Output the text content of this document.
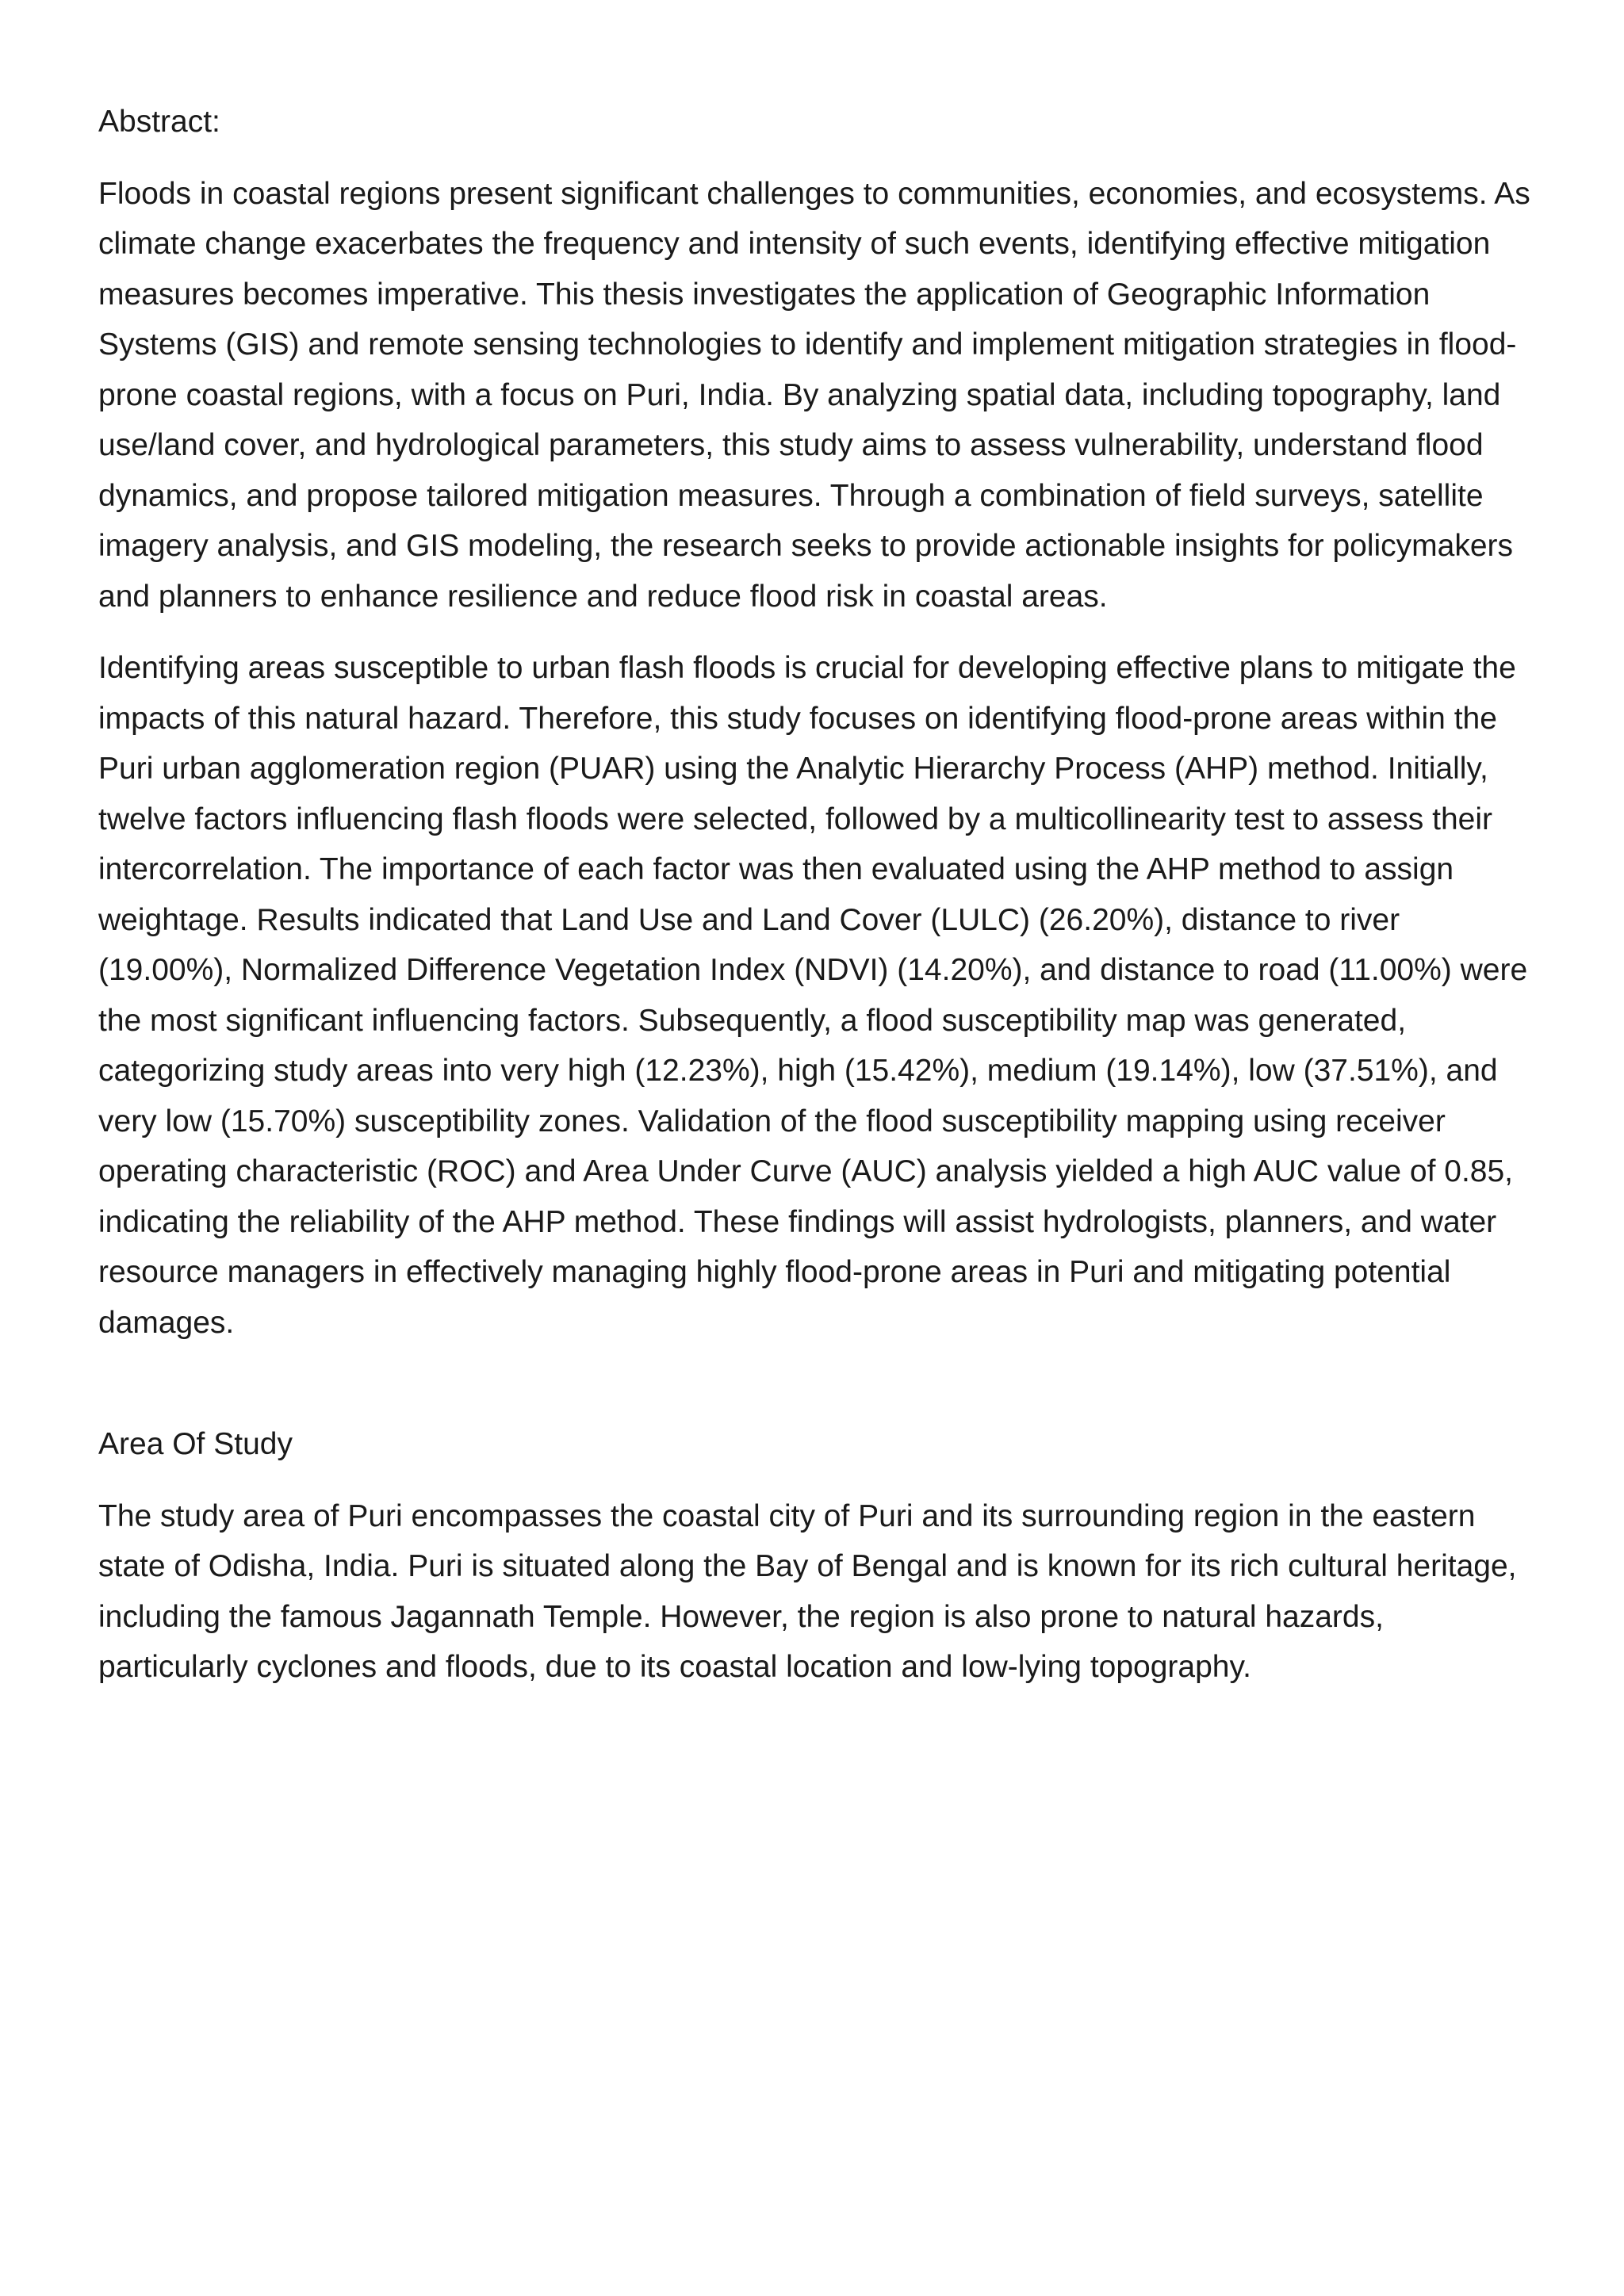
Abstract:

Floods in coastal regions present significant challenges to communities, economies, and ecosystems. As climate change exacerbates the frequency and intensity of such events, identifying effective mitigation measures becomes imperative. This thesis investigates the application of Geographic Information Systems (GIS) and remote sensing technologies to identify and implement mitigation strategies in flood-prone coastal regions, with a focus on Puri, India. By analyzing spatial data, including topography, land use/land cover, and hydrological parameters, this study aims to assess vulnerability, understand flood dynamics, and propose tailored mitigation measures. Through a combination of field surveys, satellite imagery analysis, and GIS modeling, the research seeks to provide actionable insights for policymakers and planners to enhance resilience and reduce flood risk in coastal areas.

Identifying areas susceptible to urban flash floods is crucial for developing effective plans to mitigate the impacts of this natural hazard. Therefore, this study focuses on identifying flood-prone areas within the Puri urban agglomeration region (PUAR) using the Analytic Hierarchy Process (AHP) method. Initially, twelve factors influencing flash floods were selected, followed by a multicollinearity test to assess their intercorrelation. The importance of each factor was then evaluated using the AHP method to assign weightage. Results indicated that Land Use and Land Cover (LULC) (26.20%), distance to river (19.00%), Normalized Difference Vegetation Index (NDVI) (14.20%), and distance to road (11.00%) were the most significant influencing factors. Subsequently, a flood susceptibility map was generated, categorizing study areas into very high (12.23%), high (15.42%), medium (19.14%), low (37.51%), and very low (15.70%) susceptibility zones. Validation of the flood susceptibility mapping using receiver operating characteristic (ROC) and Area Under Curve (AUC) analysis yielded a high AUC value of 0.85, indicating the reliability of the AHP method. These findings will assist hydrologists, planners, and water resource managers in effectively managing highly flood-prone areas in Puri and mitigating potential damages.

Area Of Study

The study area of Puri encompasses the coastal city of Puri and its surrounding region in the eastern state of Odisha, India. Puri is situated along the Bay of Bengal and is known for its rich cultural heritage, including the famous Jagannath Temple. However, the region is also prone to natural hazards, particularly cyclones and floods, due to its coastal location and low-lying topography.
